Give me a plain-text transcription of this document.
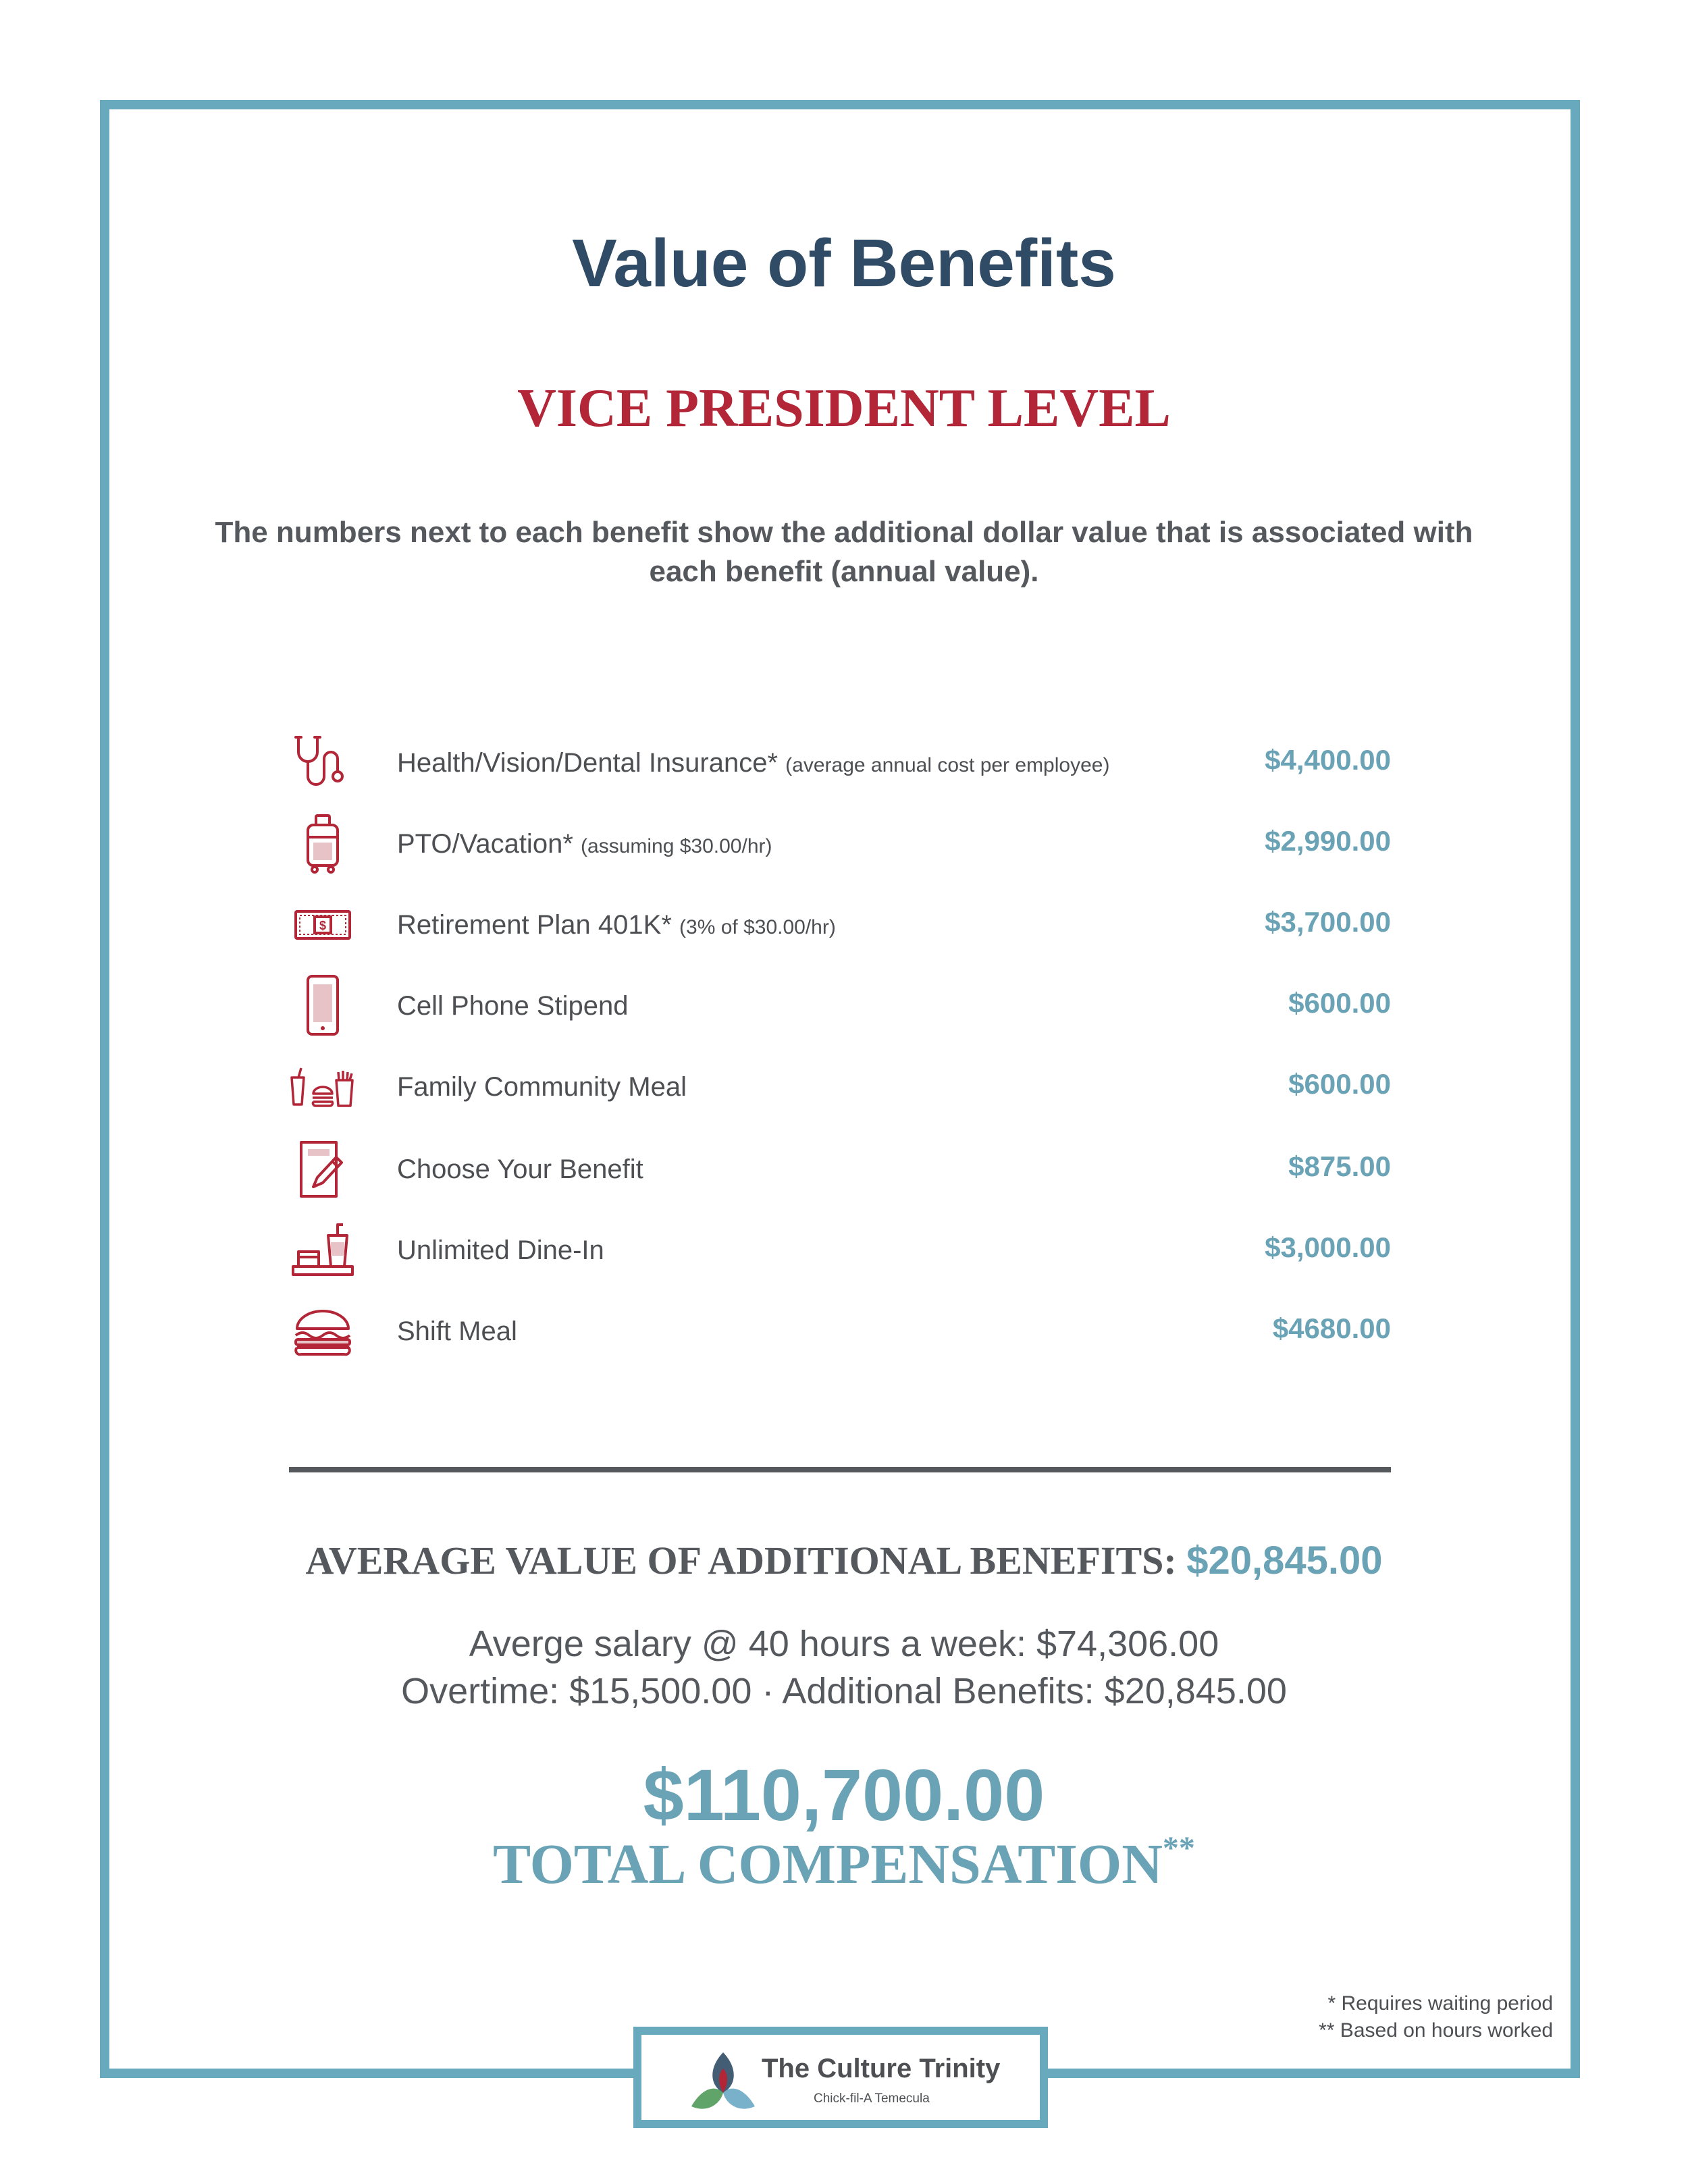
Value of Benefits
VICE PRESIDENT LEVEL
The numbers next to each benefit show the additional dollar value that is associated with each benefit (annual value).
Health/Vision/Dental Insurance* (average annual cost per employee)	$4,400.00
PTO/Vacation* (assuming $30.00/hr)	$2,990.00
$	Retirement Plan 401K* (3% of $30.00/hr)	$3,700.00
Cell Phone Stipend	$600.00
Family Community Meal	$600.00
Choose Your Benefit	$875.00
Unlimited Dine-In	$3,000.00
Shift Meal	$4680.00
AVERAGE VALUE OF ADDITIONAL BENEFITS: $20,845.00
Averge salary @ 40 hours a week: $74,306.00
Overtime: $15,500.00 · Additional Benefits: $20,845.00
$110,700.00
TOTAL COMPENSATION**
* Requires waiting period
** Based on hours worked
The Culture Trinity
Chick-fil-A Temecula
